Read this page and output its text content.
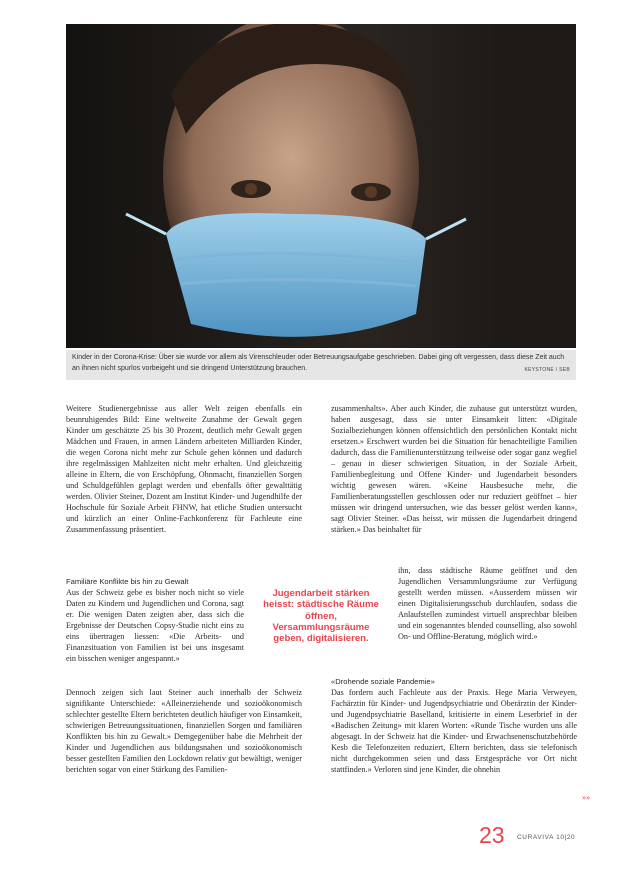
Kinder in der Corona-Krise: Über sie wurde vor allem als Virenschleuder oder Betreuungsaufgabe geschrieben. Dabei ging oft vergessen, dass diese Zeit auch an ihnen nicht spurlos vorbeigeht und sie dringend Unterstützung brauchen.	KEYSTONE / SEB

Weitere Studienergebnisse aus aller Welt zeigen ebenfalls ein beunruhigendes Bild: Eine weltweite Zunahme der Gewalt gegen Kinder um geschätzte 25 bis 30 Prozent, deutlich mehr Gewalt gegen Mädchen und Frauen, in armen Ländern arbeiteten Milliarden Kinder, die wegen Corona nicht mehr zur Schule gehen können und dadurch ihre regelmässigen Mahlzeiten nicht mehr erhalten. Und gleichzeitig alleine in Eltern, die von Erschöpfung, Ohnmacht, finanziellen Sorgen und Schuldgefühlen geplagt werden und ebenfalls öfter gewalttätig werden. Olivier Steiner, Dozent am Institut Kinder- und Jugendhilfe der Hochschule für Soziale Arbeit FHNW, hat etliche Studien untersucht und kürzlich an einer Online-Fachkonferenz für Fachleute eine Zusammenfassung präsentiert.

Familiäre Konflikte bis hin zu Gewalt

Aus der Schweiz gebe es bisher noch nicht so viele Daten zu Kindern und Jugendlichen und Corona, sagt er. Die wenigen Daten zeigten aber, dass sich die Ergebnisse der Deutschen Copsy-Studie nicht eins zu eins übertragen liessen: «Die Arbeits- und Finanzsituation von Familien ist bei uns insgesamt ein bisschen weniger angespannt.»

Dennoch zeigen sich laut Steiner auch innerhalb der Schweiz signifikante Unterschiede: «Alleinerziehende und sozioökonomisch schlechter gestellte Eltern berichteten deutlich häufiger von Einsamkeit, schwierigen Betreuungssituationen, finanziellen Sorgen und familiären Konflikten bis hin zu Gewalt.» Demgegenüber habe die Mehrheit der Kinder und Jugendlichen aus bildungsnahen und sozioökonomisch besser gestellten Familien den Lockdown relativ gut bewältigt, weniger berichten sogar von einer Stärkung des Familien-

Jugendarbeit stärken heisst: städtische Räume öffnen, Versammlungsräume geben, digitalisieren.

zusammenhalts». Aber auch Kinder, die zuhause gut unterstützt wurden, haben ausgesagt, dass sie unter Einsamkeit litten: «Digitale Sozialbeziehungen können offensichtlich den persönlichen Kontakt nicht ersetzen.» Erschwert wurden bei die Situation für benachteiligte Familien dadurch, dass die Familienunterstützung teilweise oder sogar ganz wegfiel – genau in dieser schwierigen Situation, in der Soziale Arbeit, Familienbegleitung und Offene Kinder- und Jugendarbeit besonders wichtig gewesen wären. «Keine Hausbesuche mehr, die Familienberatungsstellen geschlossen oder nur reduziert geöffnet – hier müssen wir dringend untersuchen, wie das besser gelöst werden kann», sagt Olivier Steiner. «Das heisst, wir müssen die Jugendarbeit dringend stärken.» Das beinhaltet für

ihn, dass städtische Räume geöffnet und den Jugendlichen Versammlungsräume zur Verfügung gestellt werden müssen. «Ausserdem müssen wir einen Digitalisierungsschub durchlaufen, sodass die Anlaufstellen zumindest virtuell ansprechbar bleiben und ein sogenanntes blended counselling, also sowohl On- und Offline-Beratung, möglich wird.»

«Drohende soziale Pandemie»

Das fordern auch Fachleute aus der Praxis. Hege Maria Verweyen, Fachärztin für Kinder- und Jugendpsychiatrie und Oberärztin der Kinder- und Jugendpsychiatrie Baselland, kritisierte in einem Leserbrief in der «Badischen Zeitung» mit klaren Worten: «Runde Tische wurden uns alle abgesagt. In der Schweiz hat die Kinder- und Erwachsenenschutzbehörde Kesb die Telefonzeiten reduziert, Eltern berichten, dass sie telefonisch nicht durchgekommen seien und dass Erstgespräche vor Ort nicht stattfinden.» Verloren sind jene Kinder, die ohnehin

»»
23 CURAVIVA 10|20
